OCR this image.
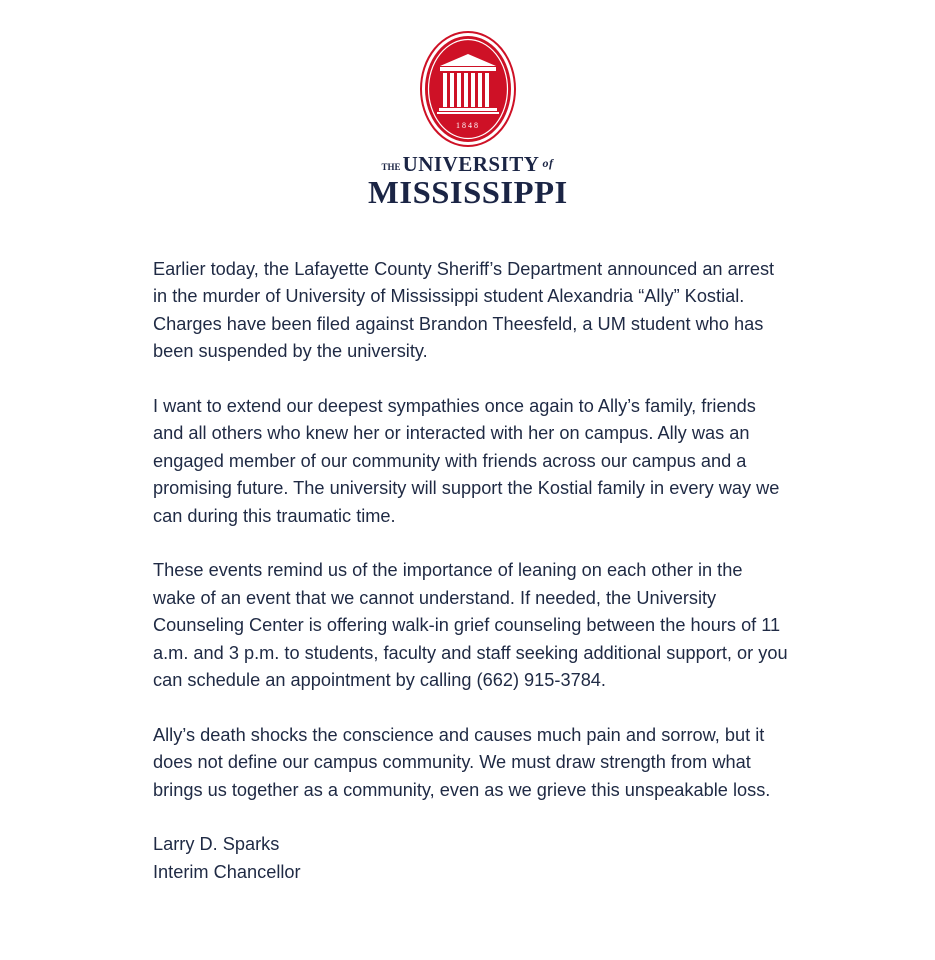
1848
THE UNIVERSITY of
MISSISSIPPI

Earlier today, the Lafayette County Sheriff’s Department announced an arrest
in the murder of University of Mississippi student Alexandria “Ally” Kostial.
Charges have been filed against Brandon Theesfeld, a UM student who has
been suspended by the university.

I want to extend our deepest sympathies once again to Ally’s family, friends
and all others who knew her or interacted with her on campus. Ally was an
engaged member of our community with friends across our campus and a
promising future. The university will support the Kostial family in every way we
can during this traumatic time.

These events remind us of the importance of leaning on each other in the
wake of an event that we cannot understand. If needed, the University
Counseling Center is offering walk-in grief counseling between the hours of 11
a.m. and 3 p.m. to students, faculty and staff seeking additional support, or you
can schedule an appointment by calling (662) 915-3784.

Ally’s death shocks the conscience and causes much pain and sorrow, but it
does not define our campus community. We must draw strength from what
brings us together as a community, even as we grieve this unspeakable loss.

Larry D. Sparks
Interim Chancellor
